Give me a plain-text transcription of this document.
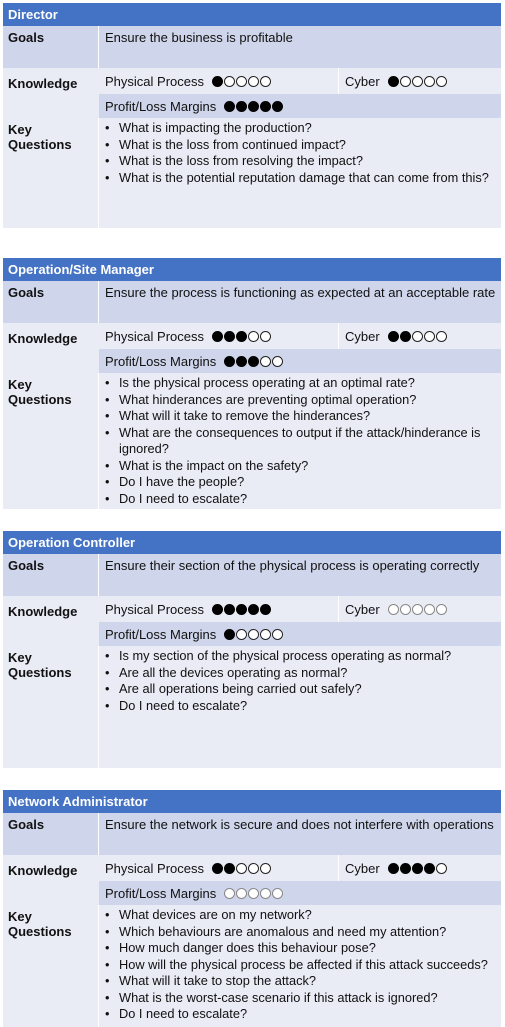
Director
Goals	Ensure the business is profitable
Knowledge	Physical Process	Cyber
Profit/Loss Margins
Key Questions
• What is impacting the production?
• What is the loss from continued impact?
• What is the loss from resolving the impact?
• What is the potential reputation damage that can come from this?
Operation/Site Manager
Goals	Ensure the process is functioning as expected at an acceptable rate
Knowledge	Physical Process	Cyber
Profit/Loss Margins
Key Questions
• Is the physical process operating at an optimal rate?
• What hinderances are preventing optimal operation?
• What will it take to remove the hinderances?
• What are the consequences to output if the attack/hinderance is ignored?
• What is the impact on the safety?
• Do I have the people?
• Do I need to escalate?
Operation Controller
Goals	Ensure their section of the physical process is operating correctly
Knowledge	Physical Process	Cyber
Profit/Loss Margins
Key Questions
• Is my section of the physical process operating as normal?
• Are all the devices operating as normal?
• Are all operations being carried out safely?
• Do I need to escalate?
Network Administrator
Goals	Ensure the network is secure and does not interfere with operations
Knowledge	Physical Process	Cyber
Profit/Loss Margins
Key Questions
• What devices are on my network?
• Which behaviours are anomalous and need my attention?
• How much danger does this behaviour pose?
• How will the physical process be affected if this attack succeeds?
• What will it take to stop the attack?
• What is the worst-case scenario if this attack is ignored?
• Do I need to escalate?
